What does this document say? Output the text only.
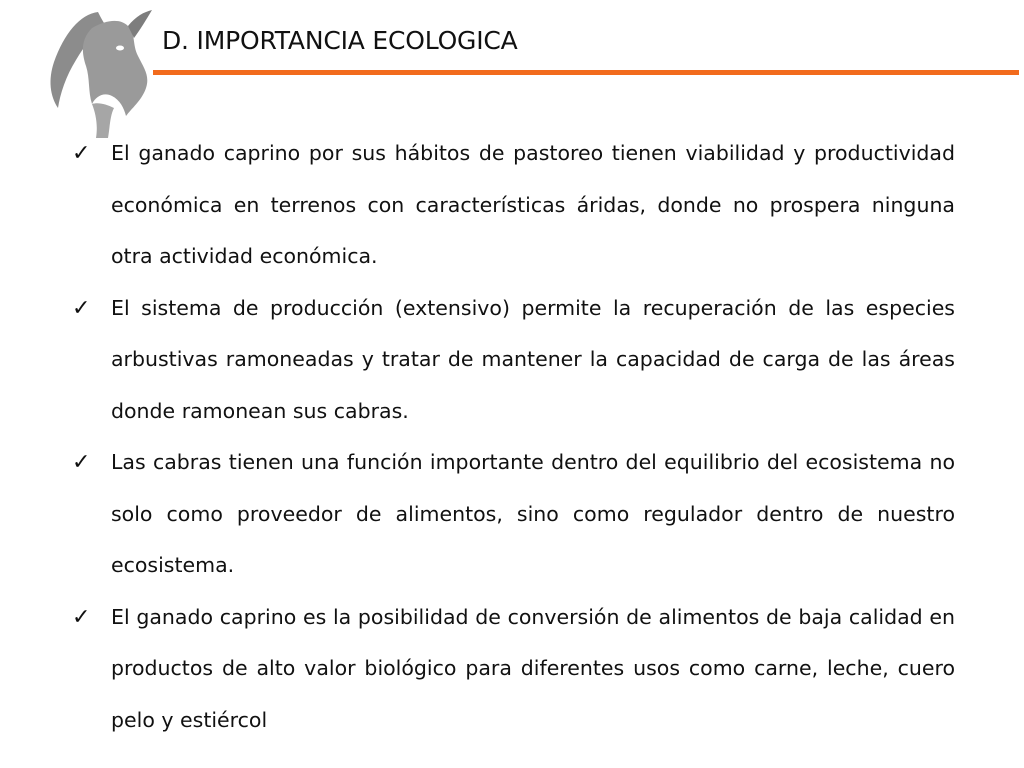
D. IMPORTANCIA ECOLOGICA
✓ El ganado caprino por sus hábitos de pastoreo tienen viabilidad y productividad económica en terrenos con características áridas, donde no prospera ninguna otra actividad económica.
✓ El sistema de producción (extensivo) permite la recuperación de las especies arbustivas ramoneadas y tratar de mantener la capacidad de carga de las áreas donde ramonean sus cabras.
✓ Las cabras tienen una función importante dentro del equilibrio del ecosistema no solo como proveedor de alimentos, sino como regulador dentro de nuestro ecosistema.
✓ El ganado caprino es la posibilidad de conversión de alimentos de baja calidad en productos de alto valor biológico para diferentes usos como carne, leche, cuero pelo y estiércol
